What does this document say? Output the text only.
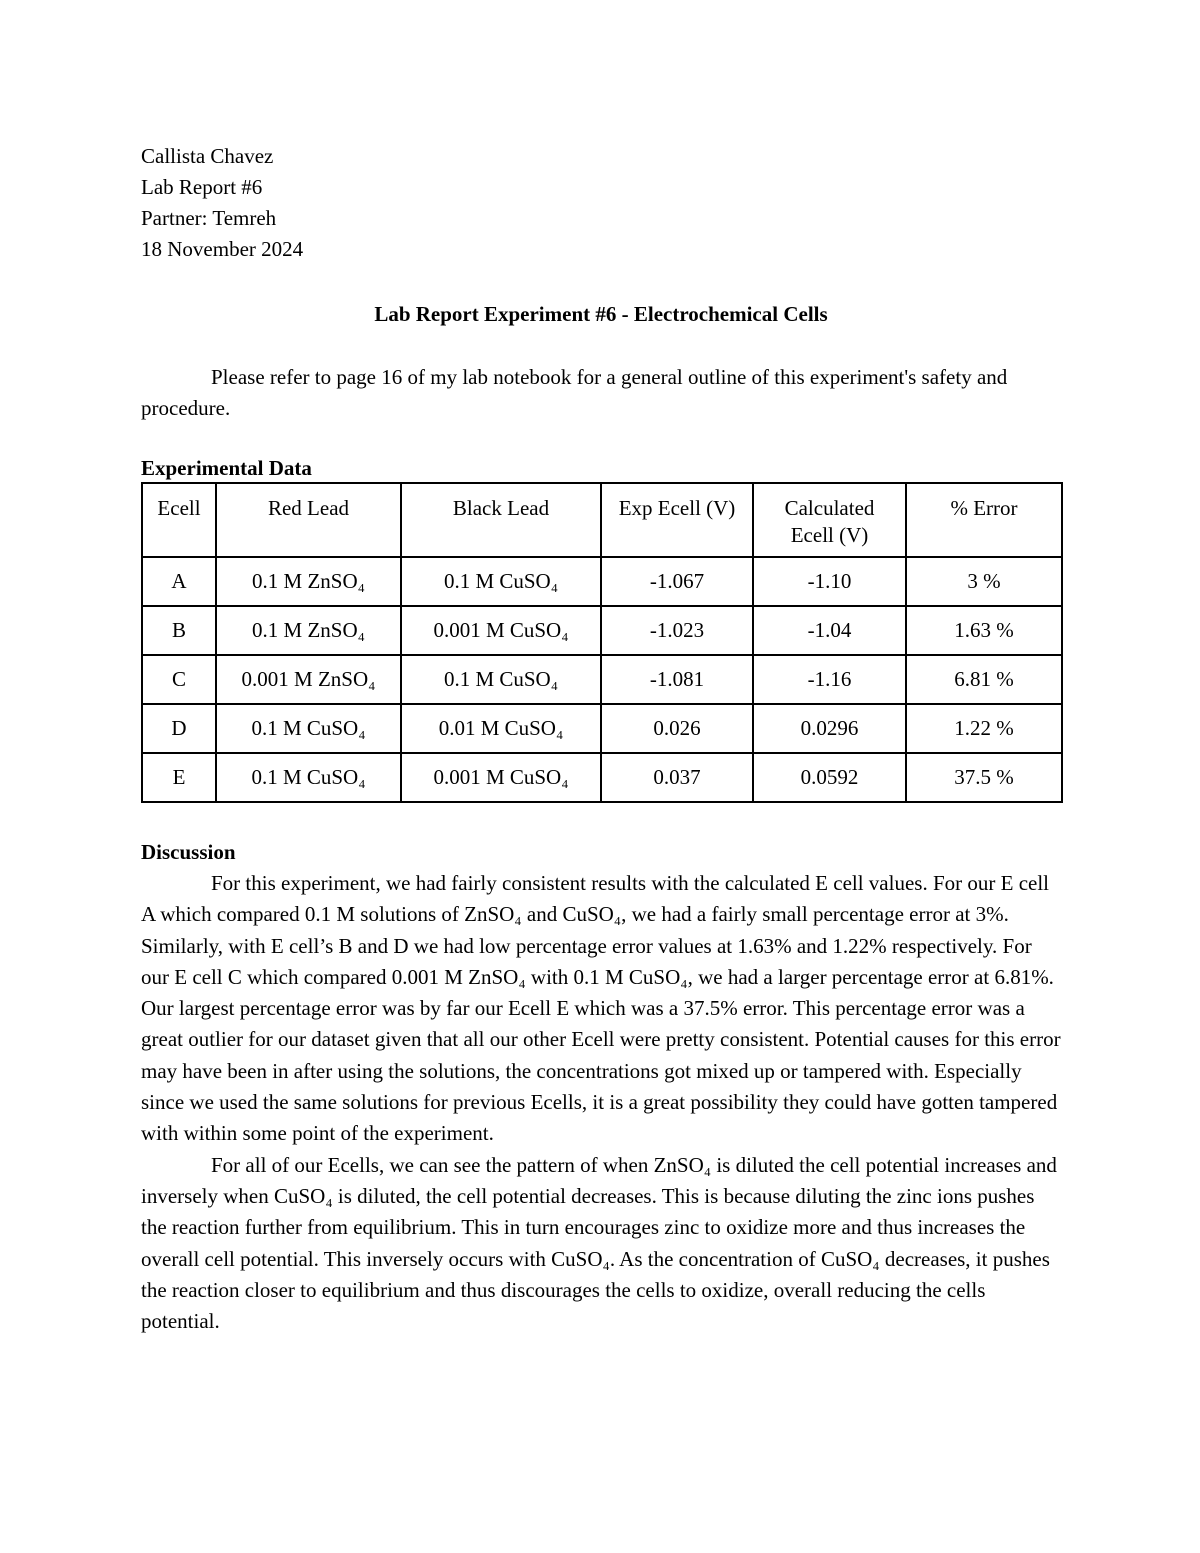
Callista Chavez
Lab Report #6
Partner: Temreh
18 November 2024
Lab Report Experiment #6 - Electrochemical Cells
Please refer to page 16 of my lab notebook for a general outline of this experiment's safety and procedure.
Experimental Data
Ecell	Red Lead	Black Lead	Exp Ecell (V)	Calculated Ecell (V)	% Error
A	0.1 M ZnSO₄	0.1 M CuSO₄	-1.067	-1.10	3 %
B	0.1 M ZnSO₄	0.001 M CuSO₄	-1.023	-1.04	1.63 %
C	0.001 M ZnSO₄	0.1 M CuSO₄	-1.081	-1.16	6.81 %
D	0.1 M CuSO₄	0.01 M CuSO₄	0.026	0.0296	1.22 %
E	0.1 M CuSO₄	0.001 M CuSO₄	0.037	0.0592	37.5 %
Discussion
For this experiment, we had fairly consistent results with the calculated E cell values. For our E cell A which compared 0.1 M solutions of ZnSO₄ and CuSO₄, we had a fairly small percentage error at 3%. Similarly, with E cell’s B and D we had low percentage error values at 1.63% and 1.22% respectively. For our E cell C which compared 0.001 M ZnSO₄ with 0.1 M CuSO₄, we had a larger percentage error at 6.81%. Our largest percentage error was by far our Ecell E which was a 37.5% error. This percentage error was a great outlier for our dataset given that all our other Ecell were pretty consistent. Potential causes for this error may have been in after using the solutions, the concentrations got mixed up or tampered with. Especially since we used the same solutions for previous Ecells, it is a great possibility they could have gotten tampered with within some point of the experiment.
For all of our Ecells, we can see the pattern of when ZnSO₄ is diluted the cell potential increases and inversely when CuSO₄ is diluted, the cell potential decreases. This is because diluting the zinc ions pushes the reaction further from equilibrium. This in turn encourages zinc to oxidize more and thus increases the overall cell potential. This inversely occurs with CuSO₄. As the concentration of CuSO₄ decreases, it pushes the reaction closer to equilibrium and thus discourages the cells to oxidize, overall reducing the cells potential.
